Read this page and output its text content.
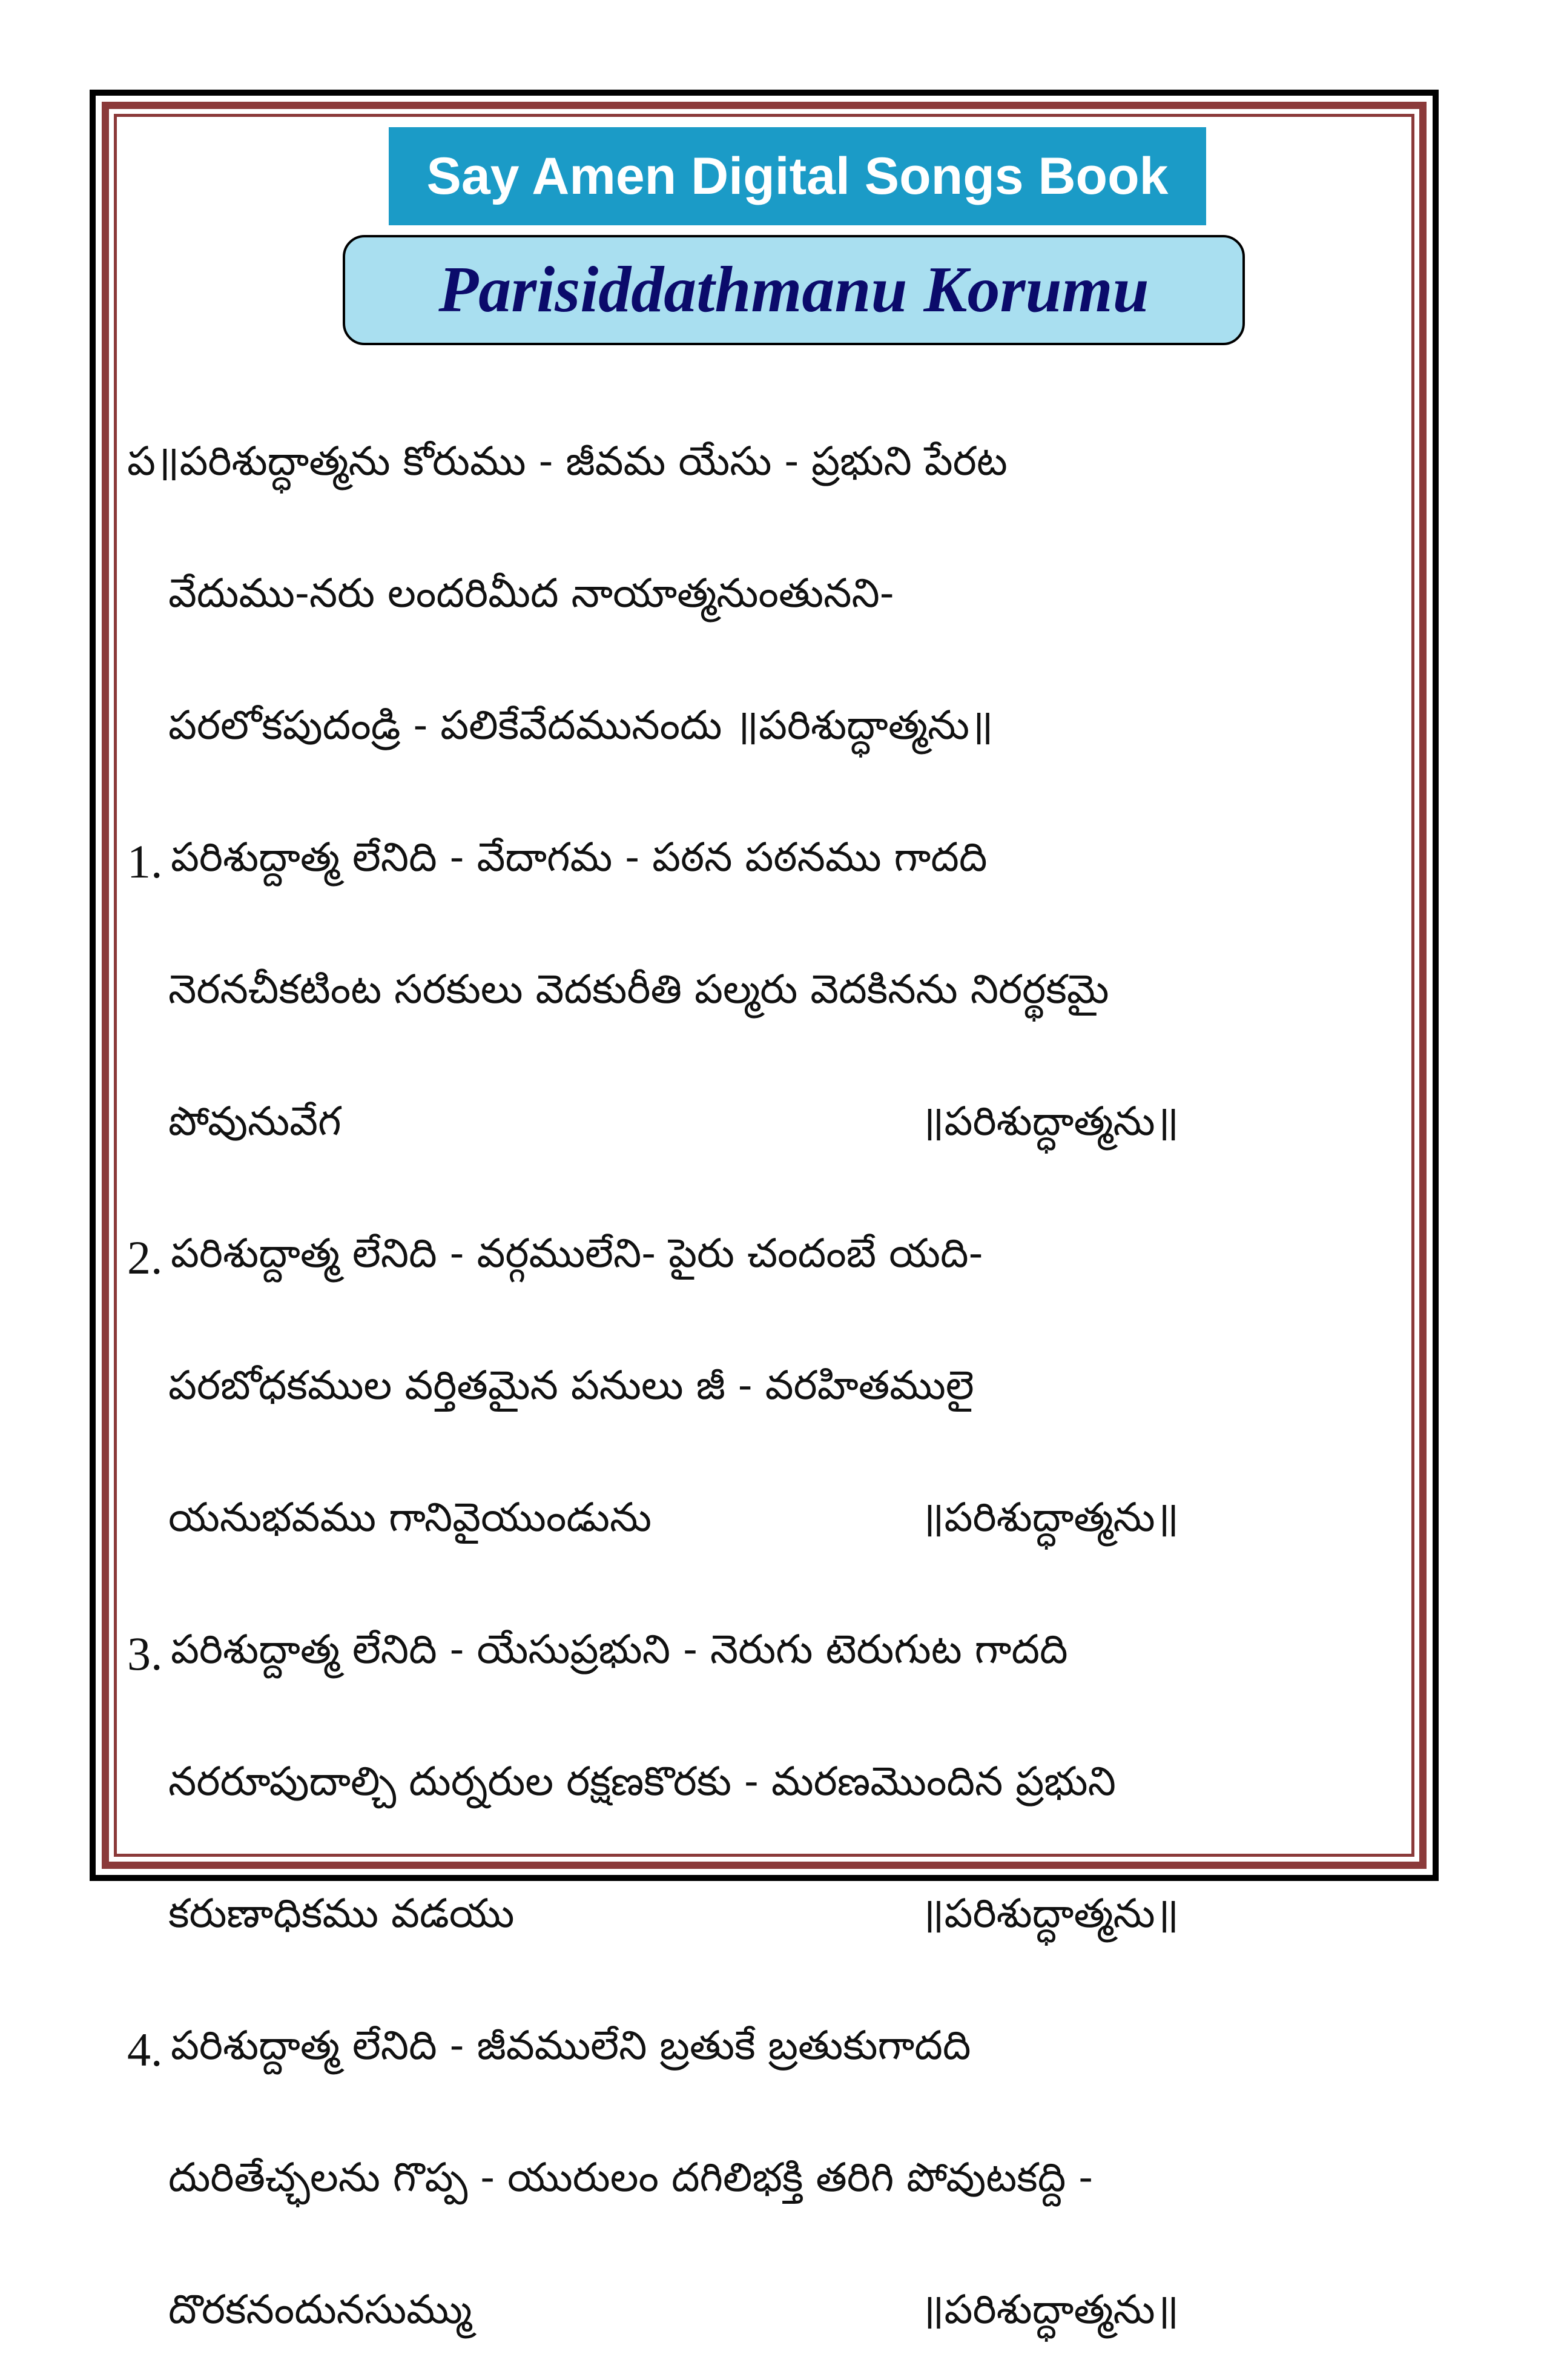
Say Amen Digital Songs Book
Parisiddathmanu Korumu
ప॥పరిశుద్ధాత్మను కోరుము - జీవమ యేసు - ప్రభుని పేరట
వేదుము-నరు లందరిమీద నాయాత్మనుంతునని-
పరలోకపుదండ్రి - పలికేవేదమునందు ॥పరిశుద్ధాత్మను॥
1. పరిశుద్దాత్మ లేనిది - వేదాగమ - పఠన పఠనము గాదది
నెరనచీకటింట సరకులు వెదకురీతి పల్మరు వెదకినను నిరర్థకమై
పోవునువేగ	॥పరిశుద్ధాత్మను॥
2. పరిశుద్దాత్మ లేనిది - వర్గములేని- పైరు చందంబే యది-
పరబోధకముల వర్తితమైన పనులు జీ - వరహితములై
యనుభవము గానివైయుండును	॥పరిశుద్ధాత్మను॥
3. పరిశుద్దాత్మ లేనిది - యేసుప్రభుని - నెరుగు టెరుగుట గాదది
నరరూపుదాల్చి దుర్నరుల రక్షణకొరకు - మరణమొందిన ప్రభుని
కరుణాధికము వడయు	॥పరిశుద్ధాత్మను॥
4. పరిశుద్దాత్మ లేనిది - జీవములేని బ్రతుకే బ్రతుకుగాదది
దురితేచ్ఛలను గొప్ప - యురులం దగిలిభక్తి తరిగి పోవుటకద్ది -
దొరకనందునసుమ్ము	॥పరిశుద్ధాత్మను॥
